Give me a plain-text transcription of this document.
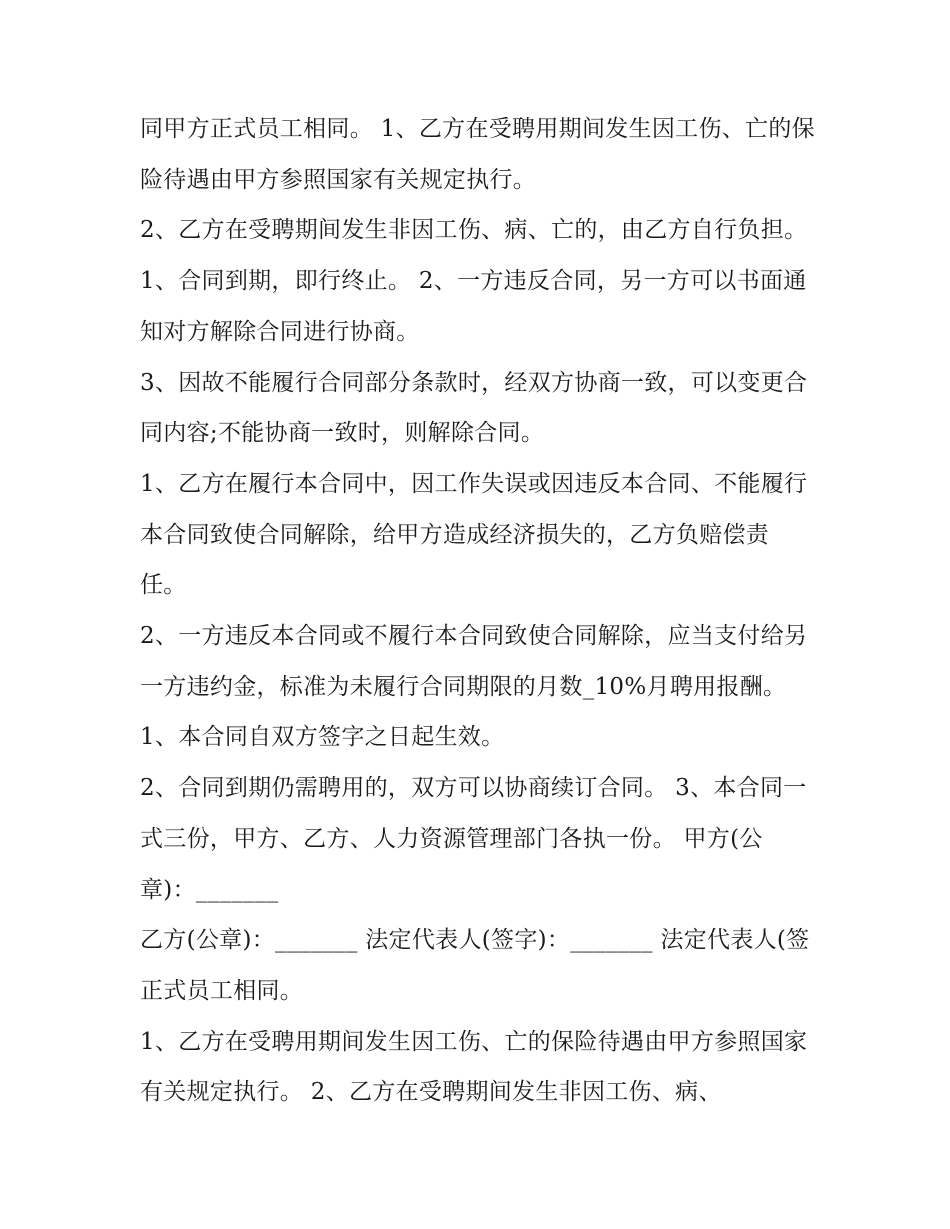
同甲方正式员工相同。 1、乙方在受聘用期间发生因工伤、亡的保险待遇由甲方参照国家有关规定执行。

2、乙方在受聘期间发生非因工伤、病、亡的，由乙方自行负担。 1、合同到期，即行终止。 2、一方违反合同，另一方可以书面通知对方解除合同进行协商。

3、因故不能履行合同部分条款时，经双方协商一致，可以变更合同内容;不能协商一致时，则解除合同。

1、乙方在履行本合同中，因工作失误或因违反本合同、不能履行本合同致使合同解除，给甲方造成经济损失的，乙方负赔偿责任。

2、一方违反本合同或不履行本合同致使合同解除，应当支付给另一方违约金，标准为未履行合同期限的月数_10%月聘用报酬。 1、本合同自双方签字之日起生效。

2、合同到期仍需聘用的，双方可以协商续订合同。 3、本合同一式三份，甲方、乙方、人力资源管理部门各执一份。 甲方(公章)：_______

乙方(公章)：_______ 法定代表人(签字)：_______ 法定代表人(签正式员工相同。

1、乙方在受聘用期间发生因工伤、亡的保险待遇由甲方参照国家有关规定执行。 2、乙方在受聘期间发生非因工伤、病、
